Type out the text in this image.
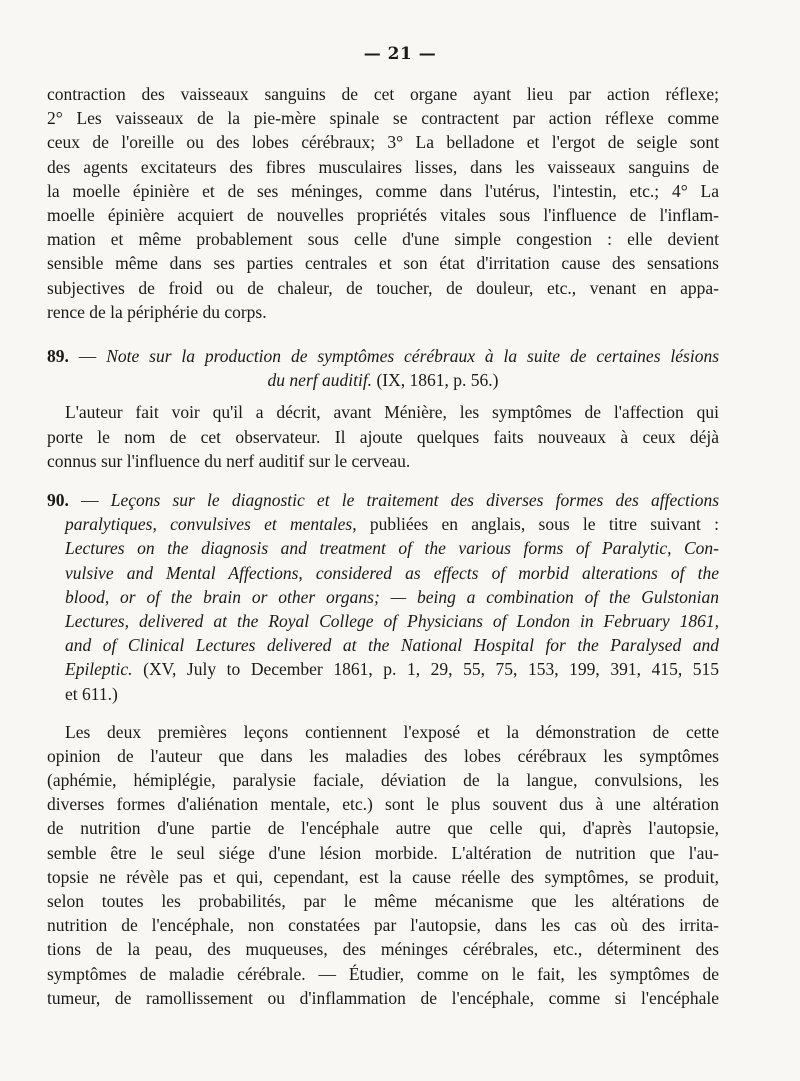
— 21 —
contraction des vaisseaux sanguins de cet organe ayant lieu par action réflexe;
2° Les vaisseaux de la pie-mère spinale se contractent par action réflexe comme
ceux de l'oreille ou des lobes cérébraux; 3° La belladone et l'ergot de seigle sont
des agents excitateurs des fibres musculaires lisses, dans les vaisseaux sanguins de
la moelle épinière et de ses méninges, comme dans l'utérus, l'intestin, etc.; 4° La
moelle épinière acquiert de nouvelles propriétés vitales sous l'influence de l'inflam-
mation et même probablement sous celle d'une simple congestion : elle devient
sensible même dans ses parties centrales et son état d'irritation cause des sensations
subjectives de froid ou de chaleur, de toucher, de douleur, etc., venant en appa-
rence de la périphérie du corps.
89. — Note sur la production de symptômes cérébraux à la suite de certaines lésions
du nerf auditif. (IX, 1861, p. 56.)
L'auteur fait voir qu'il a décrit, avant Ménière, les symptômes de l'affection qui
porte le nom de cet observateur. Il ajoute quelques faits nouveaux à ceux déjà
connus sur l'influence du nerf auditif sur le cerveau.
90. — Leçons sur le diagnostic et le traitement des diverses formes des affections
paralytiques, convulsives et mentales, publiées en anglais, sous le titre suivant :
Lectures on the diagnosis and treatment of the various forms of Paralytic, Con-
vulsive and Mental Affections, considered as effects of morbid alterations of the
blood, or of the brain or other organs; — being a combination of the Gulstonian
Lectures, delivered at the Royal College of Physicians of London in February 1861,
and of Clinical Lectures delivered at the National Hospital for the Paralysed and
Epileptic. (XV, July to December 1861, p. 1, 29, 55, 75, 153, 199, 391, 415, 515
et 611.)
Les deux premières leçons contiennent l'exposé et la démonstration de cette
opinion de l'auteur que dans les maladies des lobes cérébraux les symptômes
(aphémie, hémiplégie, paralysie faciale, déviation de la langue, convulsions, les
diverses formes d'aliénation mentale, etc.) sont le plus souvent dus à une altération
de nutrition d'une partie de l'encéphale autre que celle qui, d'après l'autopsie,
semble être le seul siége d'une lésion morbide. L'altération de nutrition que l'au-
topsie ne révèle pas et qui, cependant, est la cause réelle des symptômes, se produit,
selon toutes les probabilités, par le même mécanisme que les altérations de
nutrition de l'encéphale, non constatées par l'autopsie, dans les cas où des irrita-
tions de la peau, des muqueuses, des méninges cérébrales, etc., déterminent des
symptômes de maladie cérébrale. — Étudier, comme on le fait, les symptômes de
tumeur, de ramollissement ou d'inflammation de l'encéphale, comme si l'encéphale
